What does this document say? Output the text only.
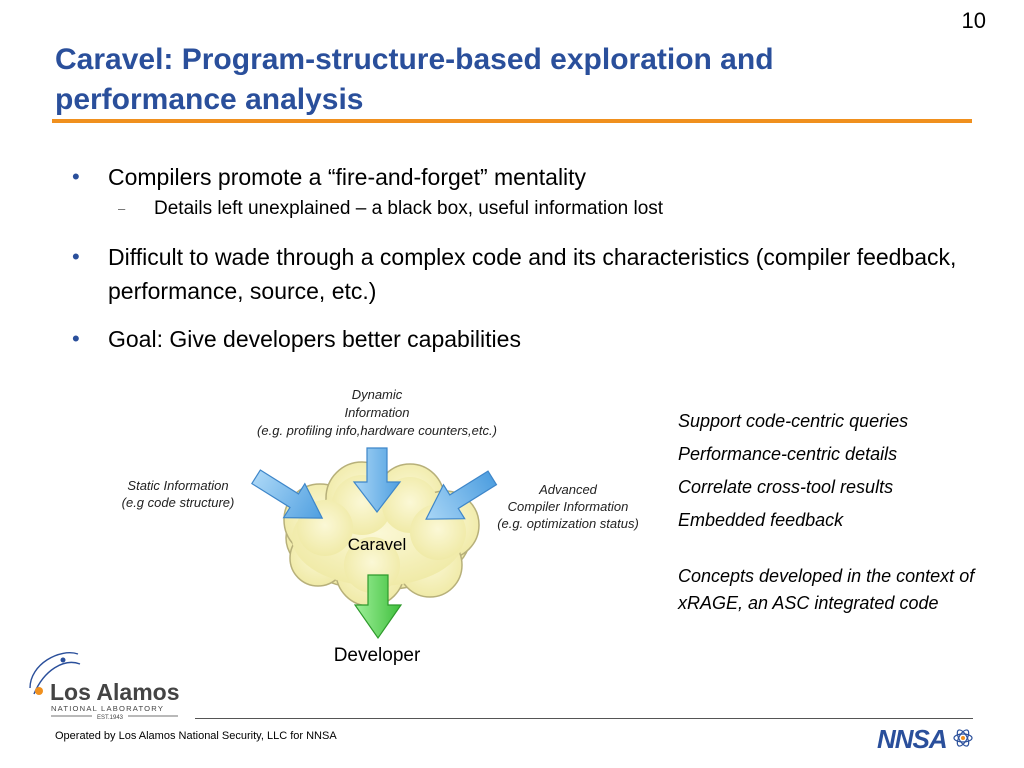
10
Caravel: Program-structure-based exploration and performance analysis
• Compilers promote a “fire-and-forget” mentality
– Details left unexplained – a black box, useful information lost
• Difficult to wade through a complex code and its characteristics (compiler feedback, performance, source, etc.)
• Goal: Give developers better capabilities
Caravel
Developer
Dynamic
Information
(e.g. profiling info,hardware counters,etc.)
Static Information
(e.g code structure)
Advanced
Compiler Information
(e.g. optimization status)
Support code-centric queries
Performance-centric details
Correlate cross-tool results
Embedded feedback
Concepts developed in the context of xRAGE, an ASC integrated code
Los Alamos
NATIONAL LABORATORY
EST.1943
Operated by Los Alamos National Security, LLC for NNSA	NNSA
